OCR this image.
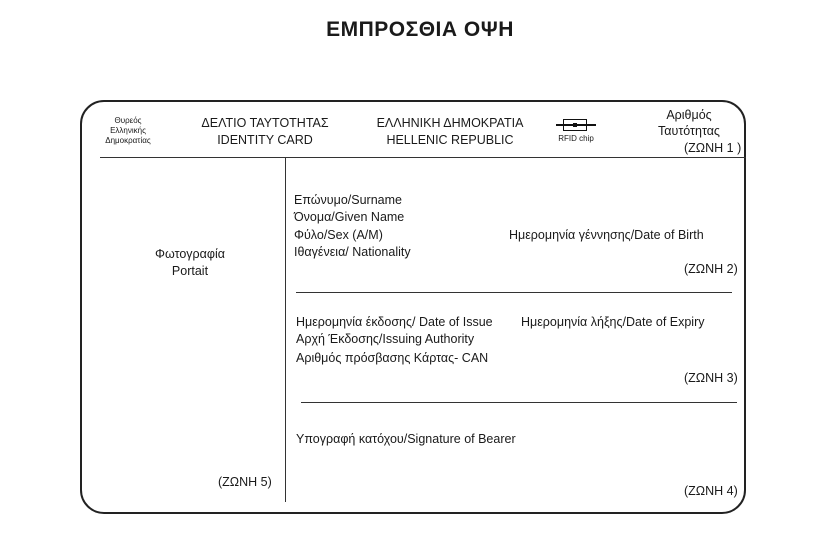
ΕΜΠΡΟΣΘΙΑ ΟΨΗ
Θυρεός
Ελληνικής
Δημοκρατίας
ΔΕΛΤΙΟ ΤΑΥΤΟΤΗΤΑΣ
IDENTITY CARD
ΕΛΛΗΝΙΚΗ ΔΗΜΟΚΡΑΤΙΑ
HELLENIC REPUBLIC	RFID chip
Αριθμός
Ταυτότητας
(ΖΩΝΗ 1 )
Φωτογραφία
Portait
(ΖΩΝΗ 5)
Επώνυμο/Surname
Όνομα/Given Name
Φύλο/Sex (A/M)	Ημερομηνία γέννησης/Date of Birth
Ιθαγένεια/ Nationality
(ΖΩΝΗ 2)
Ημερομηνία έκδοσης/ Date of Issue Ημερομηνία λήξης/Date of Expiry
Αρχή Έκδοσης/Issuing Authority
Αριθμός πρόσβασης Κάρτας- CAN
(ΖΩΝΗ 3)
Υπογραφή κατόχου/Signature of Bearer
(ΖΩΝΗ 4)
